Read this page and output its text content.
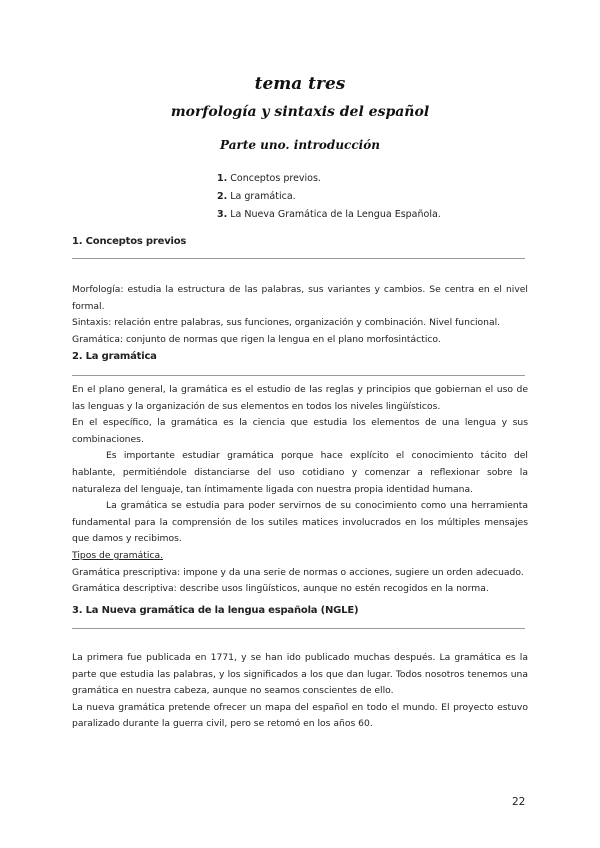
tema tres
morfología y sintaxis del español
Parte uno. introducción
1. Conceptos previos.
2. La gramática.
3. La Nueva Gramática de la Lengua Española.
1. Conceptos previos

Morfología: estudia la estructura de las palabras, sus variantes y cambios. Se centra en el nivel formal.

Sintaxis: relación entre palabras, sus funciones, organización y combinación. Nivel funcional.

Gramática: conjunto de normas que rigen la lengua en el plano morfosintáctico.

2. La gramática

En el plano general, la gramática es el estudio de las reglas y principios que gobiernan el uso de las lenguas y la organización de sus elementos en todos los niveles lingüísticos.

En el específico, la gramática es la ciencia que estudia los elementos de una lengua y sus combinaciones.

Es importante estudiar gramática porque hace explícito el conocimiento tácito del hablante, permitiéndole distanciarse del uso cotidiano y comenzar a reflexionar sobre la naturaleza del lenguaje, tan íntimamente ligada con nuestra propia identidad humana.

La gramática se estudia para poder servirnos de su conocimiento como una herramienta fundamental para la comprensión de los sutiles matices involucrados en los múltiples mensajes que damos y recibimos.

Tipos de gramática.

Gramática prescriptiva: impone y da una serie de normas o acciones, sugiere un orden adecuado.

Gramática descriptiva: describe usos lingüísticos, aunque no estén recogidos en la norma.

3. La Nueva gramática de la lengua española (NGLE)

La primera fue publicada en 1771, y se han ido publicado muchas después. La gramática es la parte que estudia las palabras, y los significados a los que dan lugar. Todos nosotros tenemos una gramática en nuestra cabeza, aunque no seamos conscientes de ello.

La nueva gramática pretende ofrecer un mapa del español en todo el mundo. El proyecto estuvo paralizado durante la guerra civil, pero se retomó en los años 60.

22
